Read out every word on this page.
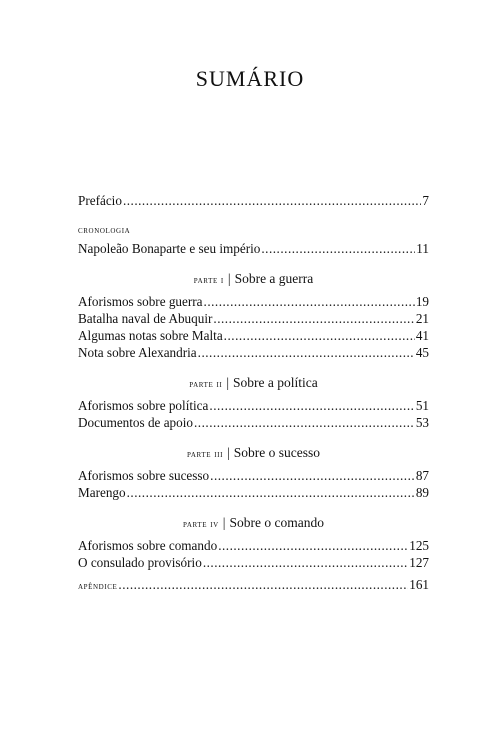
SUMÁRIO
Prefácio .....	7
cronologia
Napoleão Bonaparte e seu império .....	11
parte i | Sobre a guerra
Aforismos sobre guerra .....	19
Batalha naval de Abuquir .....	21
Algumas notas sobre Malta .....	41
Nota sobre Alexandria .....	45
parte ii | Sobre a política
Aforismos sobre política .....	51
Documentos de apoio .....	53
parte iii | Sobre o sucesso
Aforismos sobre sucesso .....	87
Marengo .....	89
parte iv | Sobre o comando
Aforismos sobre comando .....	125
O consulado provisório .....	127
apêndice .....	161
